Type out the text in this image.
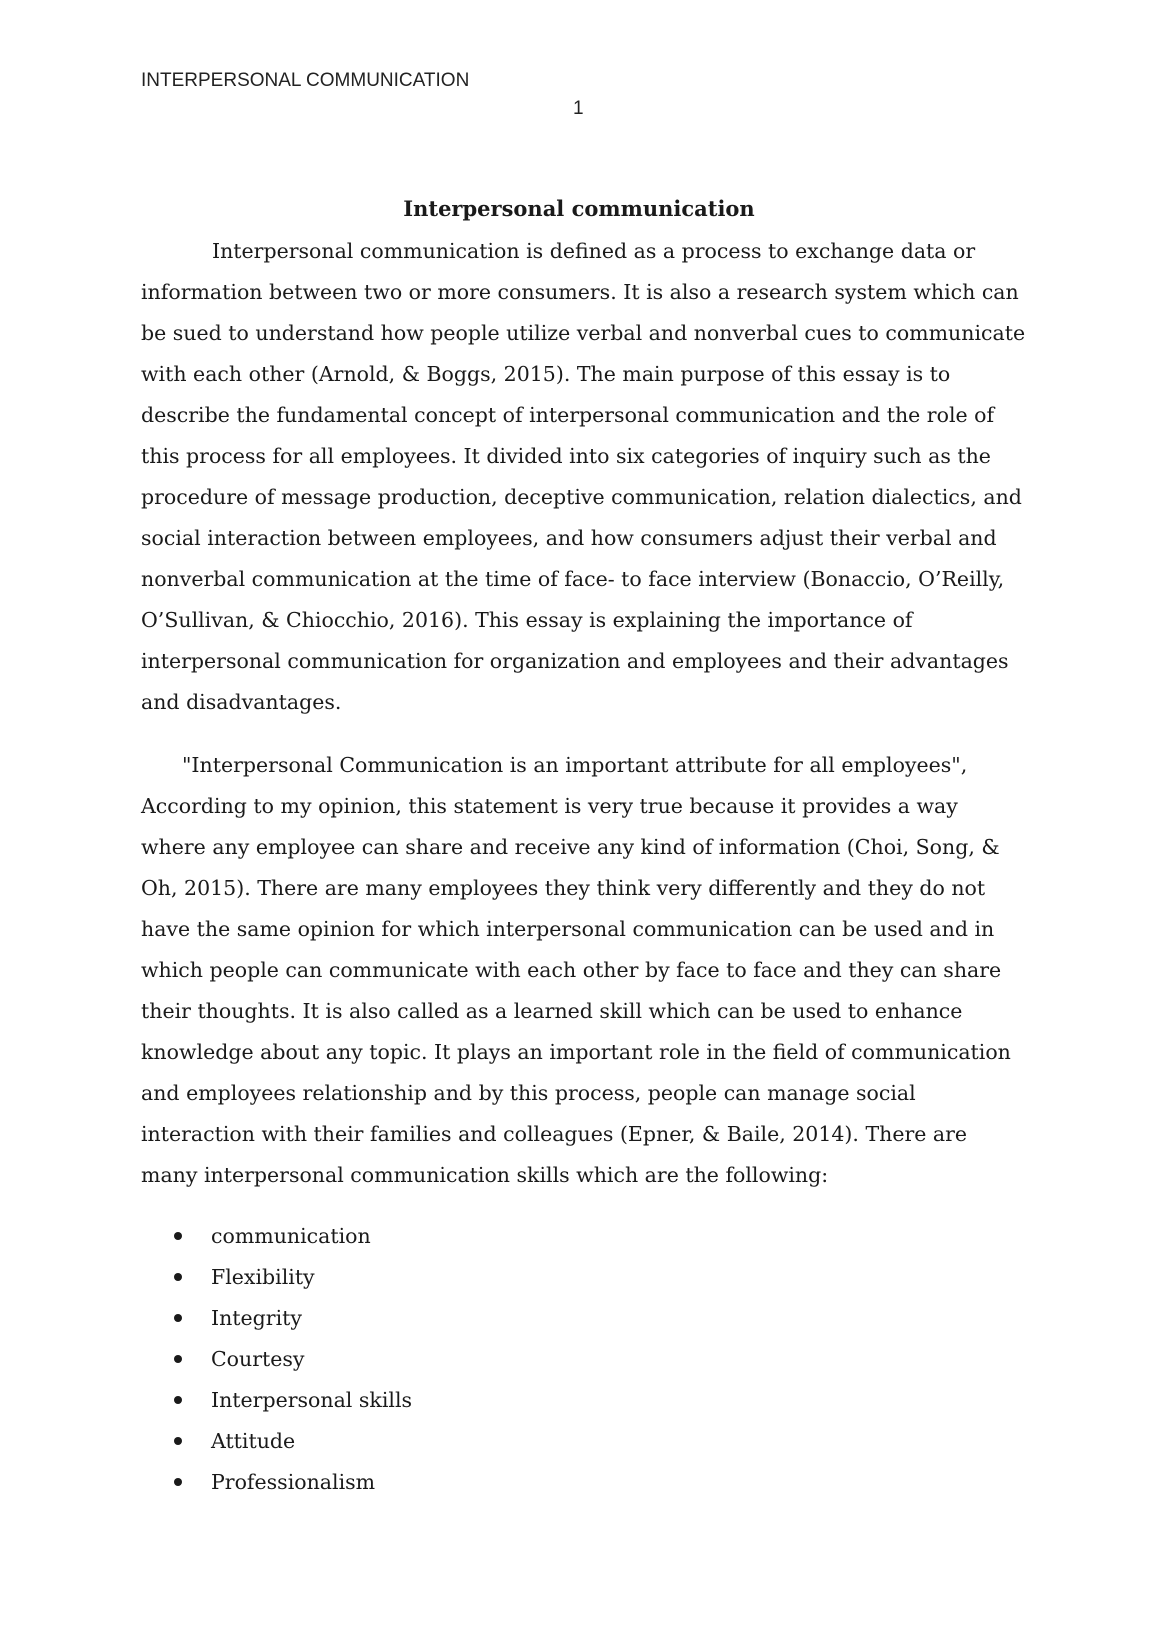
INTERPERSONAL COMMUNICATION
1
Interpersonal communication

Interpersonal communication is defined as a process to exchange data or information between two or more consumers. It is also a research system which can be sued to understand how people utilize verbal and nonverbal cues to communicate with each other (Arnold, & Boggs, 2015). The main purpose of this essay is to describe the fundamental concept of interpersonal communication and the role of this process for all employees. It divided into six categories of inquiry such as the procedure of message production, deceptive communication, relation dialectics, and social interaction between employees, and how consumers adjust their verbal and nonverbal communication at the time of face- to face interview (Bonaccio, O’Reilly, O’Sullivan, & Chiocchio, 2016). This essay is explaining the importance of interpersonal communication for organization and employees and their advantages and disadvantages.

"Interpersonal Communication is an important attribute for all employees", According to my opinion, this statement is very true because it provides a way where any employee can share and receive any kind of information (Choi, Song, & Oh, 2015). There are many employees they think very differently and they do not have the same opinion for which interpersonal communication can be used and in which people can communicate with each other by face to face and they can share their thoughts. It is also called as a learned skill which can be used to enhance knowledge about any topic. It plays an important role in the field of communication and employees relationship and by this process, people can manage social interaction with their families and colleagues (Epner, & Baile, 2014). There are many interpersonal communication skills which are the following:

communication
Flexibility
Integrity
Courtesy
Interpersonal skills
Attitude
Professionalism
